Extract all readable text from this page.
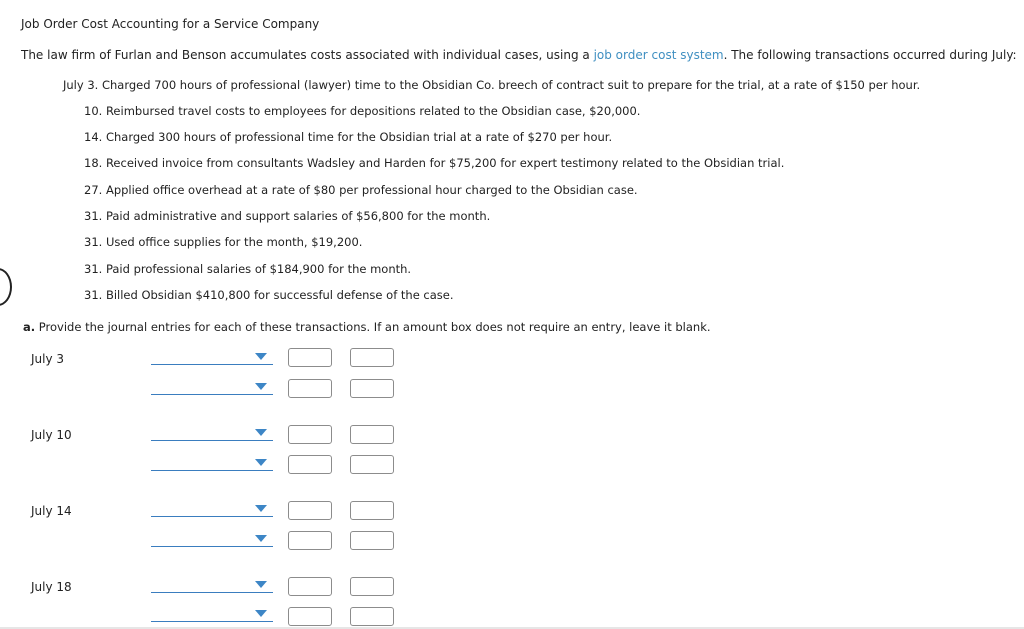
Job Order Cost Accounting for a Service Company
The law firm of Furlan and Benson accumulates costs associated with individual cases, using a job order cost system. The following transactions occurred during July:
July 3. Charged 700 hours of professional (lawyer) time to the Obsidian Co. breech of contract suit to prepare for the trial, at a rate of $150 per hour.
10. Reimbursed travel costs to employees for depositions related to the Obsidian case, $20,000.
14. Charged 300 hours of professional time for the Obsidian trial at a rate of $270 per hour.
18. Received invoice from consultants Wadsley and Harden for $75,200 for expert testimony related to the Obsidian trial.
27. Applied office overhead at a rate of $80 per professional hour charged to the Obsidian case.
31. Paid administrative and support salaries of $56,800 for the month.
31. Used office supplies for the month, $19,200.
31. Paid professional salaries of $184,900 for the month.
31. Billed Obsidian $410,800 for successful defense of the case.
a. Provide the journal entries for each of these transactions. If an amount box does not require an entry, leave it blank.
July 3
July 10
July 14
July 18
